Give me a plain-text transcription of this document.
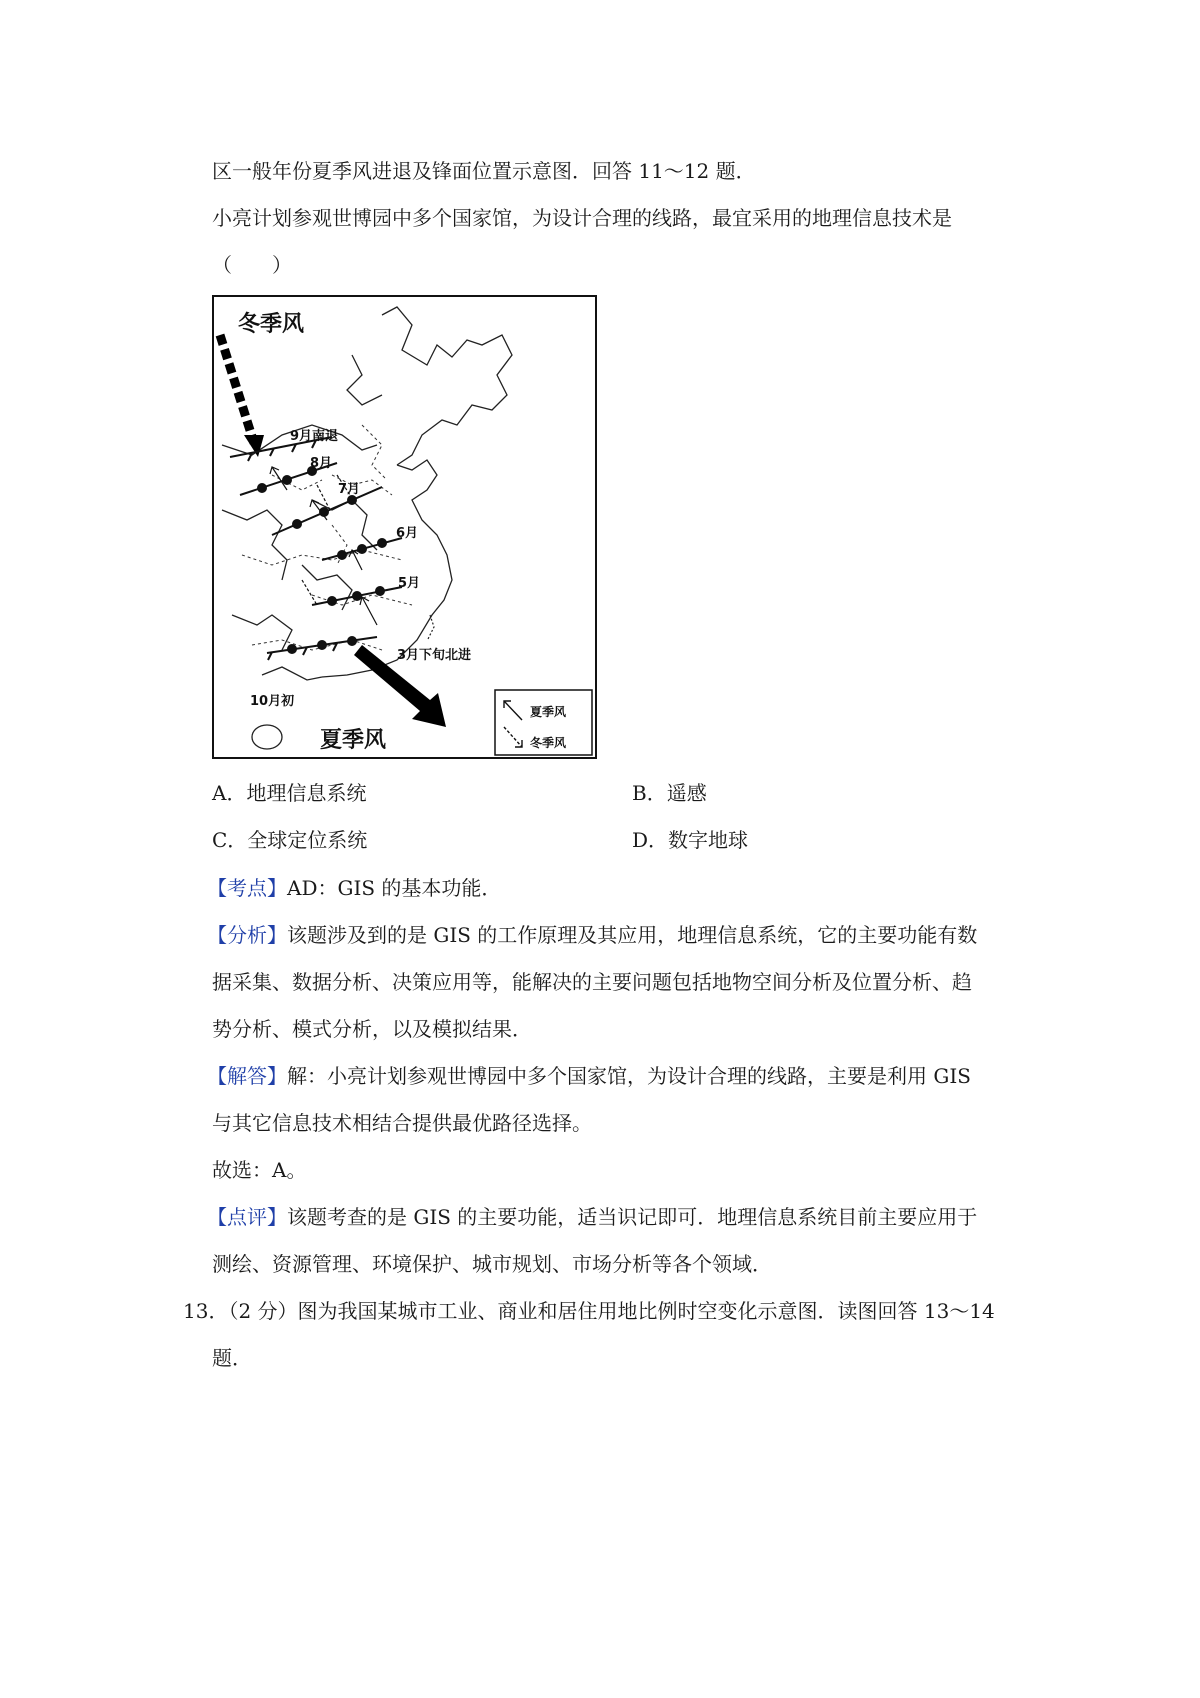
区一般年份夏季风进退及锋面位置示意图．回答 11～12 题．
小亮计划参观世博园中多个国家馆，为设计合理的线路，最宜采用的地理信息技术是
（　　）
冬季风
夏季风
9月南退
8月
7月
6月
5月
3月下旬北进
10月初
夏季风
冬季风
A．地理信息系统	B．遥感
C．全球定位系统	D．数字地球
【考点】AD：GIS 的基本功能．
【分析】该题涉及到的是 GIS 的工作原理及其应用，地理信息系统，它的主要功能有数
据采集、数据分析、决策应用等，能解决的主要问题包括地物空间分析及位置分析、趋
势分析、模式分析，以及模拟结果．
【解答】解：小亮计划参观世博园中多个国家馆，为设计合理的线路，主要是利用 GIS
与其它信息技术相结合提供最优路径选择。
故选：A。
【点评】该题考查的是 GIS 的主要功能，适当识记即可．地理信息系统目前主要应用于
测绘、资源管理、环境保护、城市规划、市场分析等各个领域．
13．（2 分）图为我国某城市工业、商业和居住用地比例时空变化示意图．读图回答 13～14
题．
